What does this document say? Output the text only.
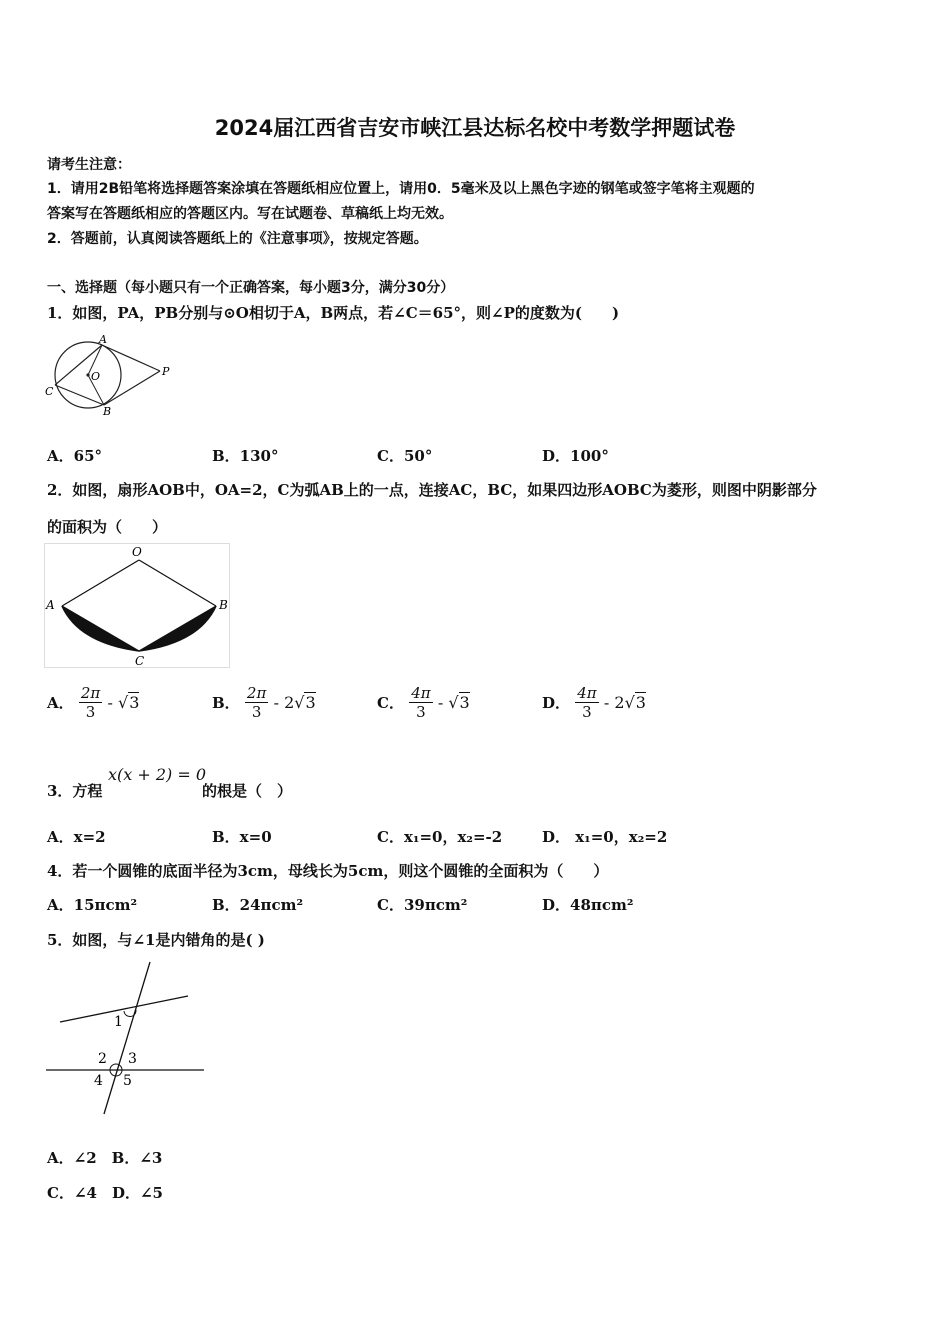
2024届江西省吉安市峡江县达标名校中考数学押题试卷
请考生注意：
1．请用2B铅笔将选择题答案涂填在答题纸相应位置上，请用0．5毫米及以上黑色字迹的钢笔或签字笔将主观题的
答案写在答题纸相应的答题区内。写在试题卷、草稿纸上均无效。
2．答题前，认真阅读答题纸上的《注意事项》，按规定答题。
一、选择题（每小题只有一个正确答案，每小题3分，满分30分）
1．如图，PA，PB分别与⊙O相切于A，B两点，若∠C＝65°，则∠P的度数为(　　)
A
B
C
O	P
A．65°	B．130°	C．50°	D．100°
2．如图，扇形AOB中，OA=2，C为弧AB上的一点，连接AC，BC，如果四边形AOBC为菱形，则图中阴影部分
的面积为（　　）
O
A	B
C
A． $\frac{2\pi}{3} - √3$	B． $\frac{2\pi}{3} - 2√3$	C． $\frac{4\pi}{3} - √3$	D． $\frac{4\pi}{3} - 2√3$
3．方程
x(x + 2) = 0
的根是（　）
A．x=2	B．x=0	C．x₁=0，x₂=-2	D． x₁=0，x₂=2
4．若一个圆锥的底面半径为3cm，母线长为5cm，则这个圆锥的全面积为（　　）
A．15πcm²	B．24πcm²	C．39πcm²	D．48πcm²
5．如图，与∠1是内错角的是( )
1
2 3
4 5
A．∠2　B．∠3
C．∠4　D．∠5
